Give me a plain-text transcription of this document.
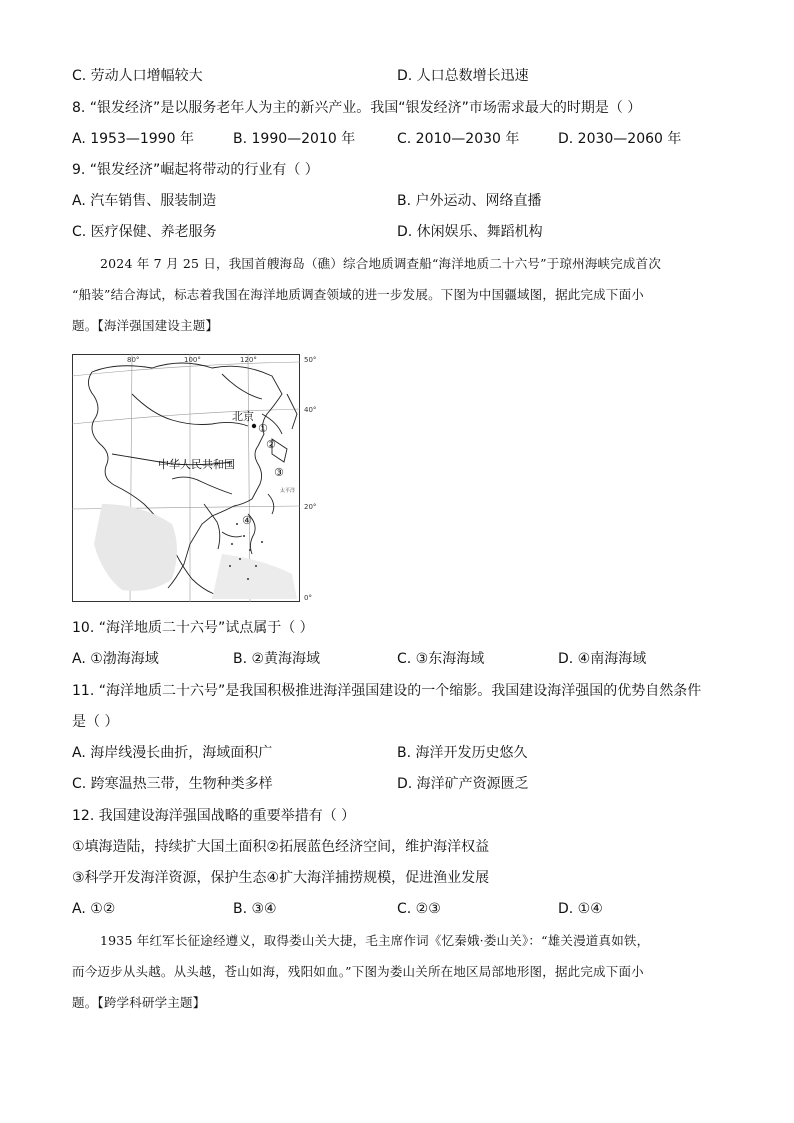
C. 劳动人口增幅较大	D. 人口总数增长迅速
8. “银发经济”是以服务老年人为主的新兴产业。我国“银发经济”市场需求最大的时期是（ ）
A. 1953—1990 年	B. 1990—2010 年	C. 2010—2030 年	D. 2030—2060 年
9. “银发经济”崛起将带动的行业有（ ）
A. 汽车销售、服装制造	B. 户外运动、网络直播
C. 医疗保健、养老服务	D. 休闲娱乐、舞蹈机构
2024 年 7 月 25 日，我国首艘海岛（礁）综合地质调查船“海洋地质二十六号”于琼州海峡完成首次
“船装”结合海试，标志着我国在海洋地质调查领域的进一步发展。下图为中国疆域图，据此完成下面小
题。【海洋强国建设主题】
80°	100°	120°	50°
40°
20°
0°
北京
中华人民共和国
①
②
③
④
太平洋
10. “海洋地质二十六号”试点属于（ ）
A. ①渤海海域	B. ②黄海海域	C. ③东海海域	D. ④南海海域
11. “海洋地质二十六号”是我国积极推进海洋强国建设的一个缩影。我国建设海洋强国的优势自然条件
是（ ）
A. 海岸线漫长曲折，海域面积广	B. 海洋开发历史悠久
C. 跨寒温热三带，生物种类多样	D. 海洋矿产资源匮乏
12. 我国建设海洋强国战略的重要举措有（ ）
①填海造陆，持续扩大国土面积②拓展蓝色经济空间，维护海洋权益
③科学开发海洋资源，保护生态④扩大海洋捕捞规模，促进渔业发展
A. ①②	B. ③④	C. ②③	D. ①④
1935 年红军长征途经遵义，取得娄山关大捷，毛主席作词《忆秦娥·娄山关》：“雄关漫道真如铁，
而今迈步从头越。从头越，苍山如海，残阳如血。”下图为娄山关所在地区局部地形图，据此完成下面小
题。【跨学科研学主题】
